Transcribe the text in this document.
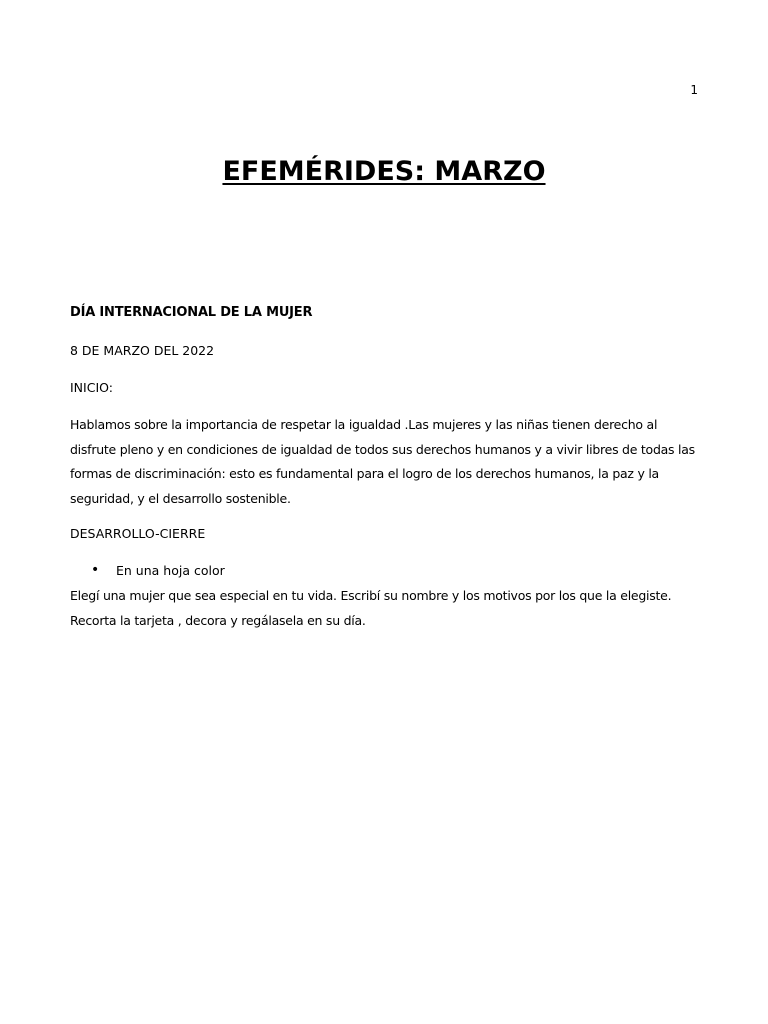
1
EFEMÉRIDES: MARZO
DÍA INTERNACIONAL DE LA MUJER
8 DE MARZO DEL 2022
INICIO:
Hablamos sobre la importancia de respetar la igualdad .Las mujeres y las niñas tienen derecho al disfrute pleno y en condiciones de igualdad de todos sus derechos humanos y a vivir libres de todas las formas de discriminación: esto es fundamental para el logro de los derechos humanos, la paz y la seguridad, y el desarrollo sostenible.
DESARROLLO-CIERRE
• En una hoja color
Elegí una mujer que sea especial en tu vida. Escribí su nombre y los motivos por los que la elegiste. Recorta la tarjeta , decora y regálasela en su día.
